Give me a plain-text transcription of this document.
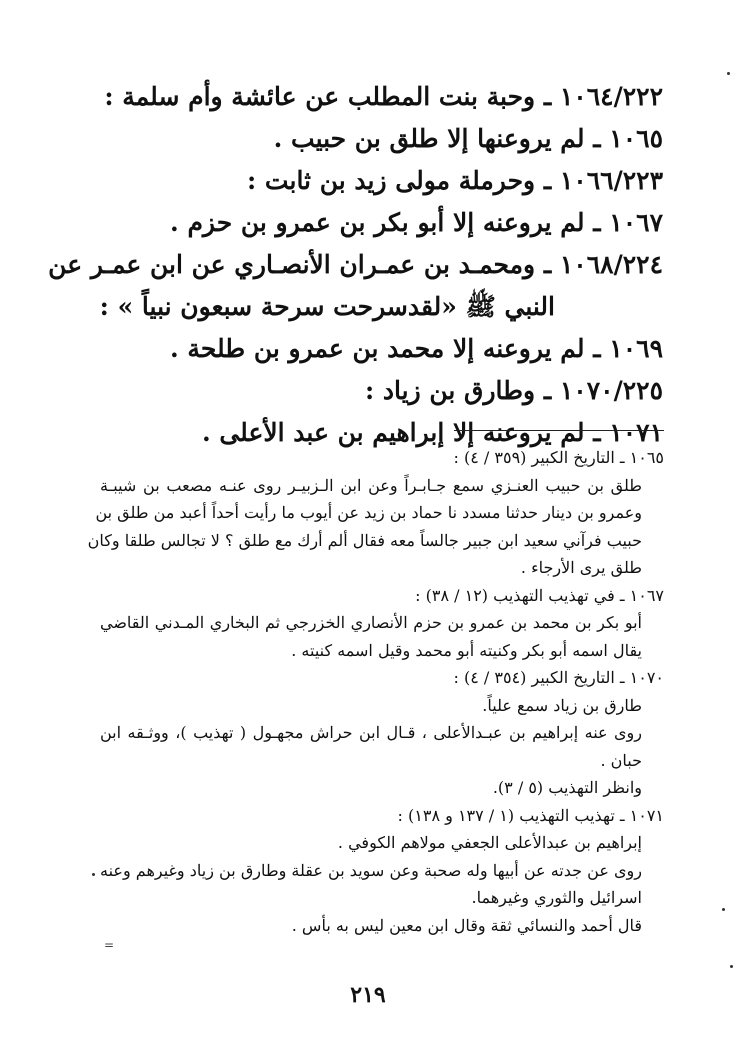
١٠٦٤/٢٢٢ ـ وحبة بنت المطلب عن عائشة وأم سلمة :
١٠٦٥ ـ لم يروعنها إلا طلق بن حبيب .
١٠٦٦/٢٢٣ ـ وحرملة مولى زيد بن ثابت :
١٠٦٧ ـ لم يروعنه إلا أبو بكر بن عمرو بن حزم .
١٠٦٨/٢٢٤ ـ ومحمـد بن عمـران الأنصـاري عن ابن عمـر عن
النبي ﷺ «لقدسرحت سرحة سبعون نبياً » :
١٠٦٩ ـ لم يروعنه إلا محمد بن عمرو بن طلحة .
١٠٧٠/٢٢٥ ـ وطارق بن زياد :
١٠٧١ ـ لم يروعنه إلا إبراهيم بن عبد الأعلى .
١٠٦٥ ـ التاريخ الكبير (٣٥٩ / ٤) :
طلق بن حبيب العنـزي سمع جـابـراً وعن ابن الـزبيـر روى عنـه مصعب بن شيبـة
وعمرو بن دينار حدثنا مسدد نا حماد بن زيد عن أيوب ما رأيت أحداً أعبد من طلق بن
حبيب فرآني سعيد ابن جبير جالساً معه فقال ألم أرك مع طلق ؟ لا تجالس طلقا وكان
طلق يرى الأرجاء .
١٠٦٧ ـ في تهذيب التهذيب (١٢ / ٣٨) :
أبو بكر بن محمد بن عمرو بن حزم الأنصاري الخزرجي ثم البخاري المـدني القاضي
يقال اسمه أبو بكر وكنيته أبو محمد وقيل اسمه كنيته .
١٠٧٠ ـ التاريخ الكبير (٣٥٤ / ٤) :
طارق بن زياد سمع علياً.
روى عنه إبراهيم بن عبـدالأعلى ، قـال ابن حراش مجهـول ( تهذيب )، ووثـقه ابن
حبان .
وانظر التهذيب (٥ / ٣).
١٠٧١ ـ تهذيب التهذيب (١ / ١٣٧ و ١٣٨) :
إبراهيم بن عبدالأعلى الجعفي مولاهم الكوفي .
روى عن جدته عن أبيها وله صحبة وعن سويد بن عقلة وطارق بن زياد وغيرهم وعنه
اسرائيل والثوري وغيرهما.
قال أحمد والنسائي ثقة وقال ابن معين ليس به بأس .
٢١٩
=
